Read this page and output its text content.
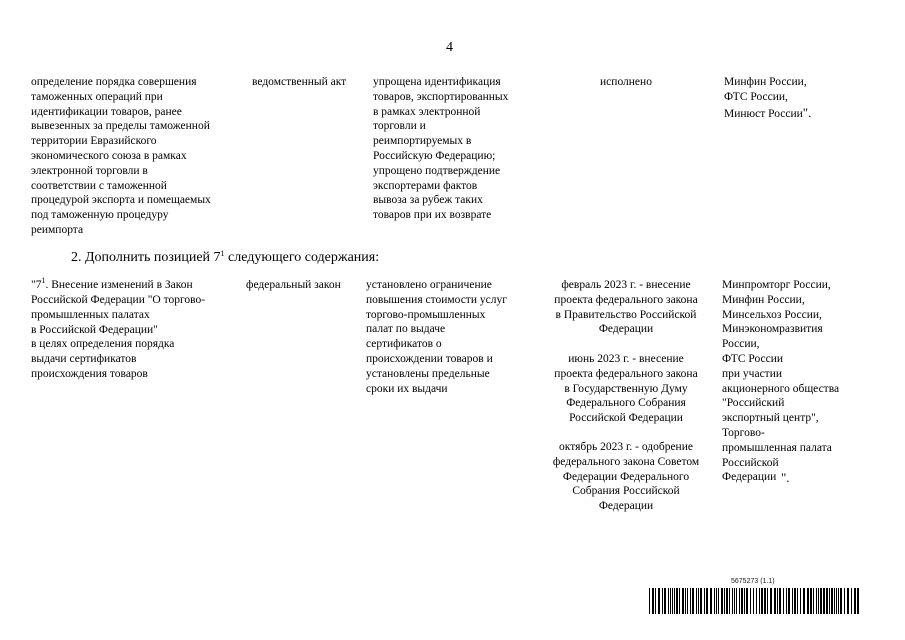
4
определение порядка совершения
таможенных операций при
идентификации товаров, ранее
вывезенных за пределы таможенной
территории Евразийского
экономического союза в рамках
электронной торговли в
соответствии с таможенной
процедурой экспорта и помещаемых
под таможенную процедуру
реимпорта
ведомственный акт упрощена идентификация
товаров, экспортированных
в рамках электронной
торговли и
реимпортируемых в
Российскую Федерацию;
упрощено подтверждение
экспортерами фактов
вывоза за рубеж таких
товаров при их возврате
исполнено	Минфин России,
ФТС России,
Минюст России".
2. Дополнить позицией $7^1$ следующего содержания:
"$7^1$. Внесение изменений в Закон
Российской Федерации "О торгово-
промышленных палатах
в Российской Федерации"
в целях определения порядка
выдачи сертификатов
происхождения товаров
федеральный закон установлено ограничение
повышения стоимости услуг
торгово-промышленных
палат по выдаче
сертификатов о
происхождении товаров и
установлены предельные
сроки их выдачи
февраль 2023 г. - внесение
проекта федерального закона
в Правительство Российской
Федерации
июнь 2023 г. - внесение
проекта федерального закона
в Государственную Думу
Федерального Собрания
Российской Федерации
октябрь 2023 г. - одобрение
федерального закона Советом
Федерации Федерального
Собрания Российской
Федерации
Минпромторг России,
Минфин России,
Минсельхоз России,
Минэкономразвития
России,
ФТС России
при участии
акционерного общества
"Российский
экспортный центр",
Торгово-
промышленная палата
Российской
Федерации ".
5675273 (1.1)
